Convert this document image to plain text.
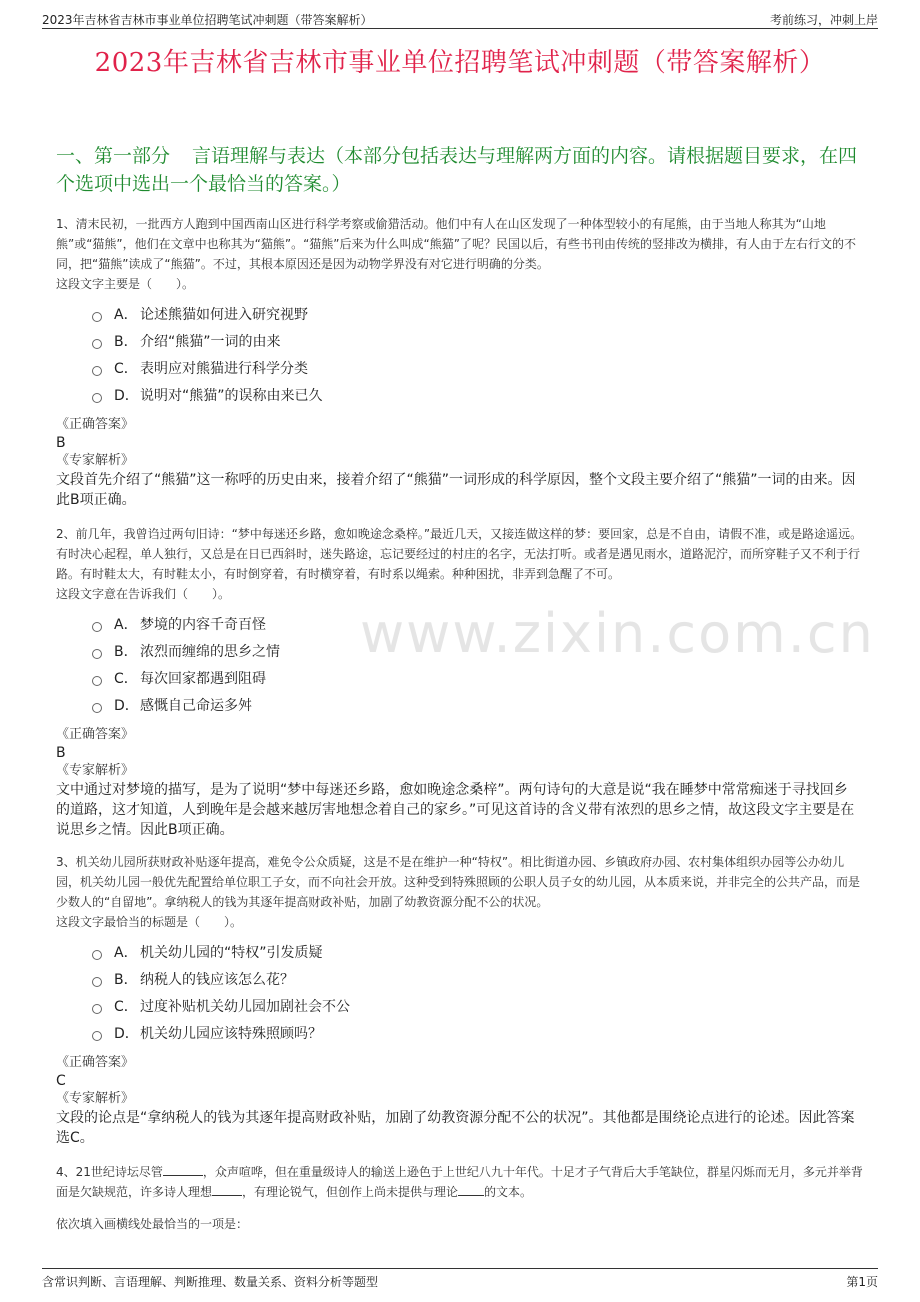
2023年吉林省吉林市事业单位招聘笔试冲刺题（带答案解析）	考前练习，冲刺上岸
2023年吉林省吉林市事业单位招聘笔试冲刺题（带答案解析）
一、第一部分 言语理解与表达（本部分包括表达与理解两方面的内容。请根据题目要求，在四个选项中选出一个最恰当的答案。）
www.zixin.com.cn

1、清末民初，一批西方人跑到中国西南山区进行科学考察或偷猎活动。他们中有人在山区发现了一种体型较小的有尾熊，由于当地人称其为“山地熊”或“猫熊”，他们在文章中也称其为“猫熊”。“猫熊”后来为什么叫成“熊猫”了呢？民国以后，有些书刊由传统的竖排改为横排，有人由于左右行文的不同，把“猫熊”读成了“熊猫”。不过，其根本原因还是因为动物学界没有对它进行明确的分类。

这段文字主要是（　　）。

A． 论述熊猫如何进入研究视野
B． 介绍“熊猫”一词的由来
C． 表明应对熊猫进行科学分类
D． 说明对“熊猫”的误称由来已久
《正确答案》
B
《专家解析》

文段首先介绍了“熊猫”这一称呼的历史由来，接着介绍了“熊猫”一词形成的科学原因，整个文段主要介绍了“熊猫”一词的由来。因此B项正确。

2、前几年，我曾诌过两句旧诗：“梦中每迷还乡路，愈如晚途念桑梓。”最近几天，又接连做这样的梦：要回家，总是不自由，请假不准，或是路途遥远。有时决心起程，单人独行，又总是在日已西斜时，迷失路途，忘记要经过的村庄的名字，无法打听。或者是遇见雨水，道路泥泞，而所穿鞋子又不利于行路。有时鞋太大，有时鞋太小，有时倒穿着，有时横穿着，有时系以绳索。种种困扰，非弄到急醒了不可。

这段文字意在告诉我们（　　）。

A． 梦境的内容千奇百怪
B． 浓烈而缠绵的思乡之情
C． 每次回家都遇到阻碍
D． 感慨自己命运多舛
《正确答案》
B
《专家解析》

文中通过对梦境的描写，是为了说明“梦中每迷还乡路，愈如晚途念桑梓”。两句诗句的大意是说“我在睡梦中常常痴迷于寻找回乡的道路，这才知道，人到晚年是会越来越厉害地想念着自己的家乡。”可见这首诗的含义带有浓烈的思乡之情，故这段文字主要是在说思乡之情。因此B项正确。

3、机关幼儿园所获财政补贴逐年提高，难免令公众质疑，这是不是在维护一种“特权”。相比街道办园、乡镇政府办园、农村集体组织办园等公办幼儿园，机关幼儿园一般优先配置给单位职工子女，而不向社会开放。这种受到特殊照顾的公职人员子女的幼儿园，从本质来说，并非完全的公共产品，而是少数人的“自留地”。拿纳税人的钱为其逐年提高财政补贴，加剧了幼教资源分配不公的状况。

这段文字最恰当的标题是（　　）。

A． 机关幼儿园的“特权”引发质疑
B． 纳税人的钱应该怎么花？
C． 过度补贴机关幼儿园加剧社会不公
D． 机关幼儿园应该特殊照顾吗？
《正确答案》
C
《专家解析》

文段的论点是“拿纳税人的钱为其逐年提高财政补贴，加剧了幼教资源分配不公的状况”。其他都是围绕论点进行的论述。因此答案选C。

4、21世纪诗坛尽管	，众声喧哗，但在重量级诗人的输送上逊色于上世纪八九十年代。十足才子气背后大手笔缺位，群星闪烁而无月，多元并举背面是欠缺规范，许多诗人理想	，有理论锐气，但创作上尚未提供与理论 的文本。

依次填入画横线处最恰当的一项是：

含常识判断、言语理解、判断推理、数量关系、资料分析等题型	第1页
